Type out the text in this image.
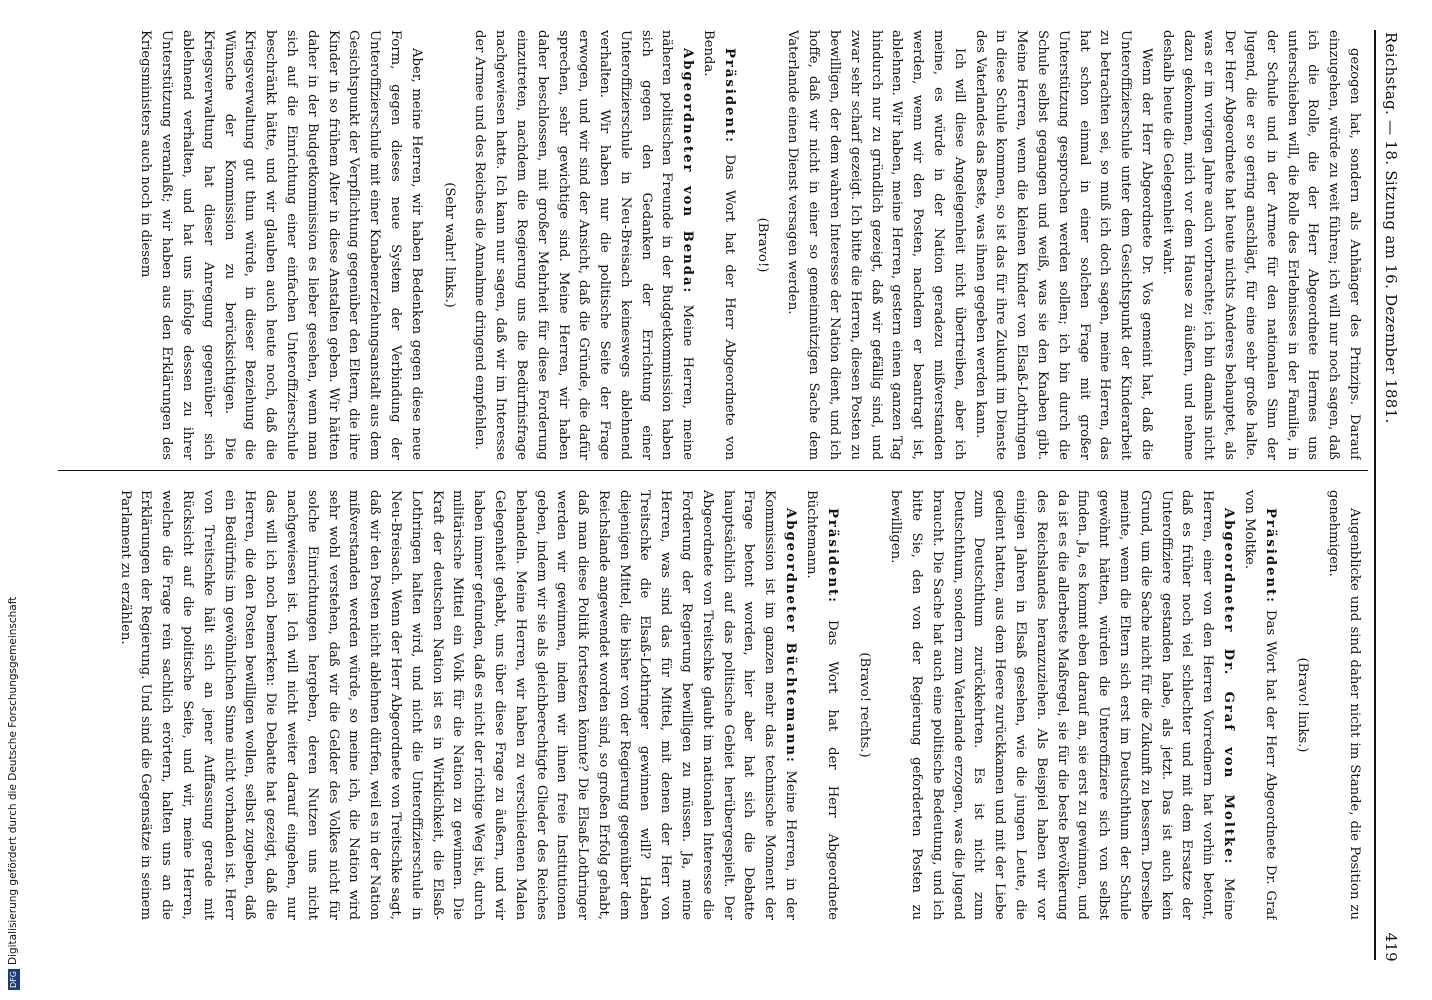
Reichstag. — 18. Sitzung am 16. Dezember 1881.
419

gezogen hat, sondern als Anhänger des Prinzips. Darauf einzugehen, würde zu weit führen; ich will nur noch sagen, daß ich die Rolle, die der Herr Abgeordnete Hermes uns unterschieben will, die Rolle des Erlebnisses in der Familie, in der Schule und in der Armee für den nationalen Sinn der Jugend, die er so gering anschlägt, für eine sehr große halte. Der Herr Abgeordnete hat heute nichts Anderes behauptet, als was er im vorigen Jahre auch vorbrachte; ich bin damals nicht dazu gekommen, mich vor dem Hause zu äußern, und nehme deshalb heute die Gelegenheit wahr.

Wenn der Herr Abgeordnete Dr. Vos gemeint hat, daß die Unteroffizierschule unter dem Gesichtspunkt der Kinderarbeit zu betrachten sei, so muß ich doch sagen, meine Herren, das hat schon einmal in einer solchen Frage mit großer Unterstützung gesprochen werden sollen; ich bin durch die Schule selbst gegangen und weiß, was sie den Knaben gibt. Meine Herren, wenn die kleinen Kinder von Elsaß-Lothringen in diese Schule kommen, so ist das für ihre Zukunft im Dienste des Vaterlandes das Beste, was ihnen gegeben werden kann.

Ich will diese Angelegenheit nicht übertreiben, aber ich meine, es würde in der Nation geradezu mißverstanden werden, wenn wir den Posten, nachdem er beantragt ist, ablehnen. Wir haben, meine Herren, gestern einen ganzen Tag hindurch nur zu gründlich gezeigt, daß wir gefällig sind, und zwar sehr scharf gezeigt. Ich bitte die Herren, diesen Posten zu bewilligen, der dem wahren Interesse der Nation dient, und ich hoffe, daß wir nicht in einer so gemeinnützigen Sache dem Vaterlande einen Dienst versagen werden.

(Bravo!)

Präsident: Das Wort hat der Herr Abgeordnete von Benda.

Abgeordneter von Benda: Meine Herren, meine näheren politischen Freunde in der Budgetkommission haben sich gegen den Gedanken der Errichtung einer Unteroffizierschule in Neu-Breisach keineswegs ablehnend verhalten. Wir haben nur die politische Seite der Frage erwogen, und wir sind der Ansicht, daß die Gründe, die dafür sprechen, sehr gewichtige sind. Meine Herren, wir haben daher beschlossen, mit großer Mehrheit für diese Forderung einzutreten, nachdem die Regierung uns die Bedürfnisfrage nachgewiesen hatte. Ich kann nur sagen, daß wir im Interesse der Armee und des Reiches die Annahme dringend empfehlen.

(Sehr wahr! links.)

Aber, meine Herren, wir haben Bedenken gegen diese neue Form, gegen dieses neue System der Verbindung der Unteroffizierschule mit einer Knabenerziehungsanstalt aus dem Gesichtspunkt der Verpflichtung gegenüber den Eltern, die ihre Kinder in so frühem Alter in diese Anstalten geben. Wir hätten daher in der Budgetkommission es lieber gesehen, wenn man sich auf die Einrichtung einer einfachen Unteroffizierschule beschränkt hätte, und wir glauben auch heute noch, daß die Kriegsverwaltung gut thun würde, in dieser Beziehung die Wünsche der Kommission zu berücksichtigen. Die Kriegsverwaltung hat dieser Anregung gegenüber sich ablehnend verhalten, und hat uns infolge dessen zu ihrer Unterstützung veranlaßt; wir haben aus den Erklärungen des Kriegsministers auch noch in diesem

Augenblicke und sind daher nicht im Stande, die Position zu genehmigen.

(Bravo! links.)

Präsident: Das Wort hat der Herr Abgeordnete Dr. Graf von Moltke.

Abgeordneter Dr. Graf von Moltke: Meine Herren, einer von den Herren Vorrednern hat vorhin betont, daß es früher noch viel schlechter und mit dem Ersatze der Unteroffiziere gestanden habe, als jetzt. Das ist auch kein Grund, um die Sache nicht für die Zukunft zu bessern. Derselbe meinte, wenn die Eltern sich erst im Deutschthum der Schule gewöhnt hätten, würden die Unteroffiziere sich von selbst finden. Ja, es kommt eben darauf an, sie erst zu gewinnen, und da ist es die allerbeste Maßregel, sie für die beste Bevölkerung des Reichslandes heranzuziehen. Als Beispiel haben wir vor einigen Jahren in Elsaß gesehen, wie die jungen Leute, die gedient hatten, aus dem Heere zurückkamen und mit der Liebe zum Deutschthum zurückkehrten. Es ist nicht zum Deutschthum, sondern zum Vaterlande erzogen, was die Jugend braucht. Die Sache hat auch eine politische Bedeutung, und ich bitte Sie, den von der Regierung geforderten Posten zu bewilligen.

(Bravo! rechts.)

Präsident: Das Wort hat der Herr Abgeordnete Büchtemann.

Abgeordneter Büchtemann: Meine Herren, in der Kommission ist im ganzen mehr das technische Moment der Frage betont worden, hier aber hat sich die Debatte hauptsächlich auf das politische Gebiet herübergespielt. Der Abgeordnete von Treitschke glaubt im nationalen Interesse die Forderung der Regierung bewilligen zu müssen. Ja, meine Herren, was sind das für Mittel, mit denen der Herr von Treitschke die Elsaß-Lothringer gewinnen will? Haben diejenigen Mittel, die bisher von der Regierung gegenüber dem Reichslande angewendet worden sind, so großen Erfolg gehabt, daß man diese Politik fortsetzen könnte? Die Elsaß-Lothringer werden wir gewinnen, indem wir ihnen freie Institutionen geben, indem wir sie als gleichberechtigte Glieder des Reiches behandeln. Meine Herren, wir haben zu verschiedenen Malen Gelegenheit gehabt, uns über diese Frage zu äußern, und wir haben immer gefunden, daß es nicht der richtige Weg ist, durch militärische Mittel ein Volk für die Nation zu gewinnen. Die Kraft der deutschen Nation ist es in Wirklichkeit, die Elsaß-Lothringen halten wird, und nicht die Unteroffizierschule in Neu-Breisach. Wenn der Herr Abgeordnete von Treitschke sagt, daß wir den Posten nicht ablehnen dürfen, weil es in der Nation mißverstanden werden würde, so meine ich, die Nation wird sehr wohl verstehen, daß wir die Gelder des Volkes nicht für solche Einrichtungen hergeben, deren Nutzen uns nicht nachgewiesen ist. Ich will nicht weiter darauf eingehen, nur das will ich noch bemerken: Die Debatte hat gezeigt, daß die Herren, die den Posten bewilligen wollen, selbst zugeben, daß ein Bedürfnis im gewöhnlichen Sinne nicht vorhanden ist. Herr von Treitschke hält sich an jener Auffassung gerade mit Rücksicht auf die politische Seite, und wir, meine Herren, welche die Frage rein sachlich erörtern, halten uns an die Erklärungen der Regierung. Und sind die Gegensätze in seinem Parlament zu erzählen.

DFGDigitalisierung gefördert durch die Deutsche Forschungsgemeinschaft
